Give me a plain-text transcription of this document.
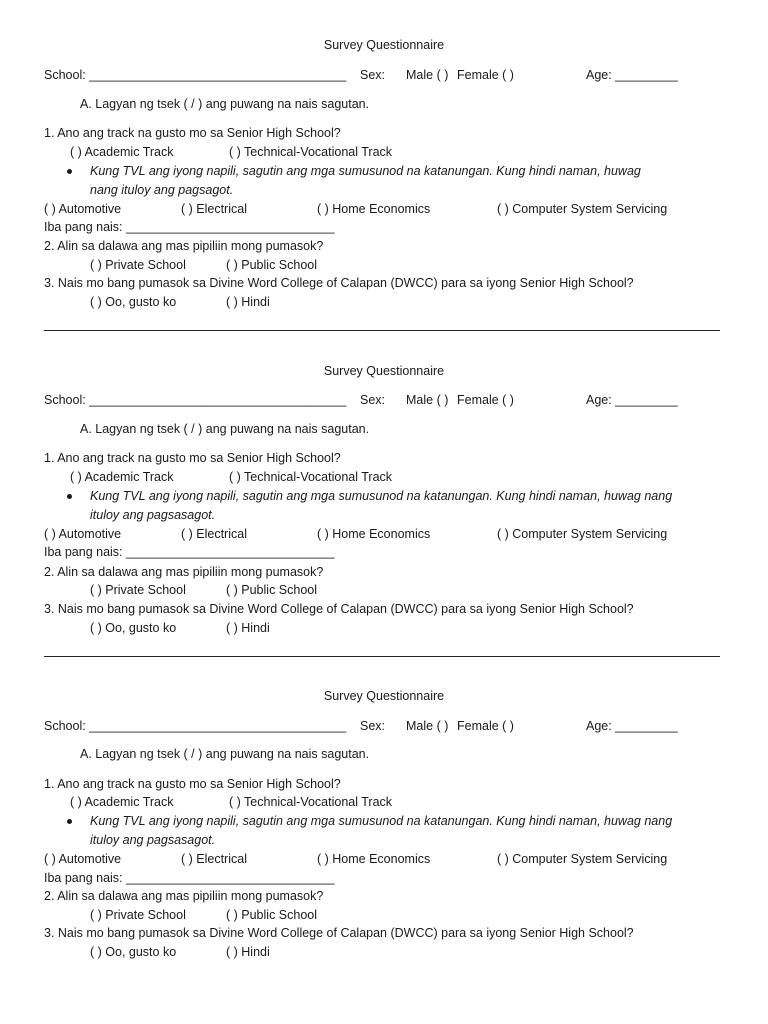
Survey Questionnaire
School: _____________________________________ Sex: Male ( ) Female ( )	Age: _________
A. Lagyan ng tsek ( / ) ang puwang na nais sagutan.
1. Ano ang track na gusto mo sa Senior High School?
( ) Academic Track	( ) Technical-Vocational Track
Kung TVL ang iyong napili, sagutin ang mga sumusunod na katanungan. Kung hindi naman, huwag
nang ituloy ang pagsagot.
( ) Automotive	( ) Electrical	( ) Home Economics	( ) Computer System Servicing
Iba pang nais: ______________________________
2. Alin sa dalawa ang mas pipiliin mong pumasok?
( ) Private School	( ) Public School
3. Nais mo bang pumasok sa Divine Word College of Calapan (DWCC) para sa iyong Senior High School?
( ) Oo, gusto ko	( ) Hindi
Survey Questionnaire
School: _____________________________________ Sex: Male ( ) Female ( )	Age: _________
A. Lagyan ng tsek ( / ) ang puwang na nais sagutan.
1. Ano ang track na gusto mo sa Senior High School?
( ) Academic Track	( ) Technical-Vocational Track
Kung TVL ang iyong napili, sagutin ang mga sumusunod na katanungan. Kung hindi naman, huwag nang
ituloy ang pagsasagot.
( ) Automotive	( ) Electrical	( ) Home Economics	( ) Computer System Servicing
Iba pang nais: ______________________________
2. Alin sa dalawa ang mas pipiliin mong pumasok?
( ) Private School	( ) Public School
3. Nais mo bang pumasok sa Divine Word College of Calapan (DWCC) para sa iyong Senior High School?
( ) Oo, gusto ko	( ) Hindi
Survey Questionnaire
School: _____________________________________ Sex: Male ( ) Female ( )	Age: _________
A. Lagyan ng tsek ( / ) ang puwang na nais sagutan.
1. Ano ang track na gusto mo sa Senior High School?
( ) Academic Track	( ) Technical-Vocational Track
Kung TVL ang iyong napili, sagutin ang mga sumusunod na katanungan. Kung hindi naman, huwag nang
ituloy ang pagsasagot.
( ) Automotive	( ) Electrical	( ) Home Economics	( ) Computer System Servicing
Iba pang nais: ______________________________
2. Alin sa dalawa ang mas pipiliin mong pumasok?
( ) Private School	( ) Public School
3. Nais mo bang pumasok sa Divine Word College of Calapan (DWCC) para sa iyong Senior High School?
( ) Oo, gusto ko	( ) Hindi
